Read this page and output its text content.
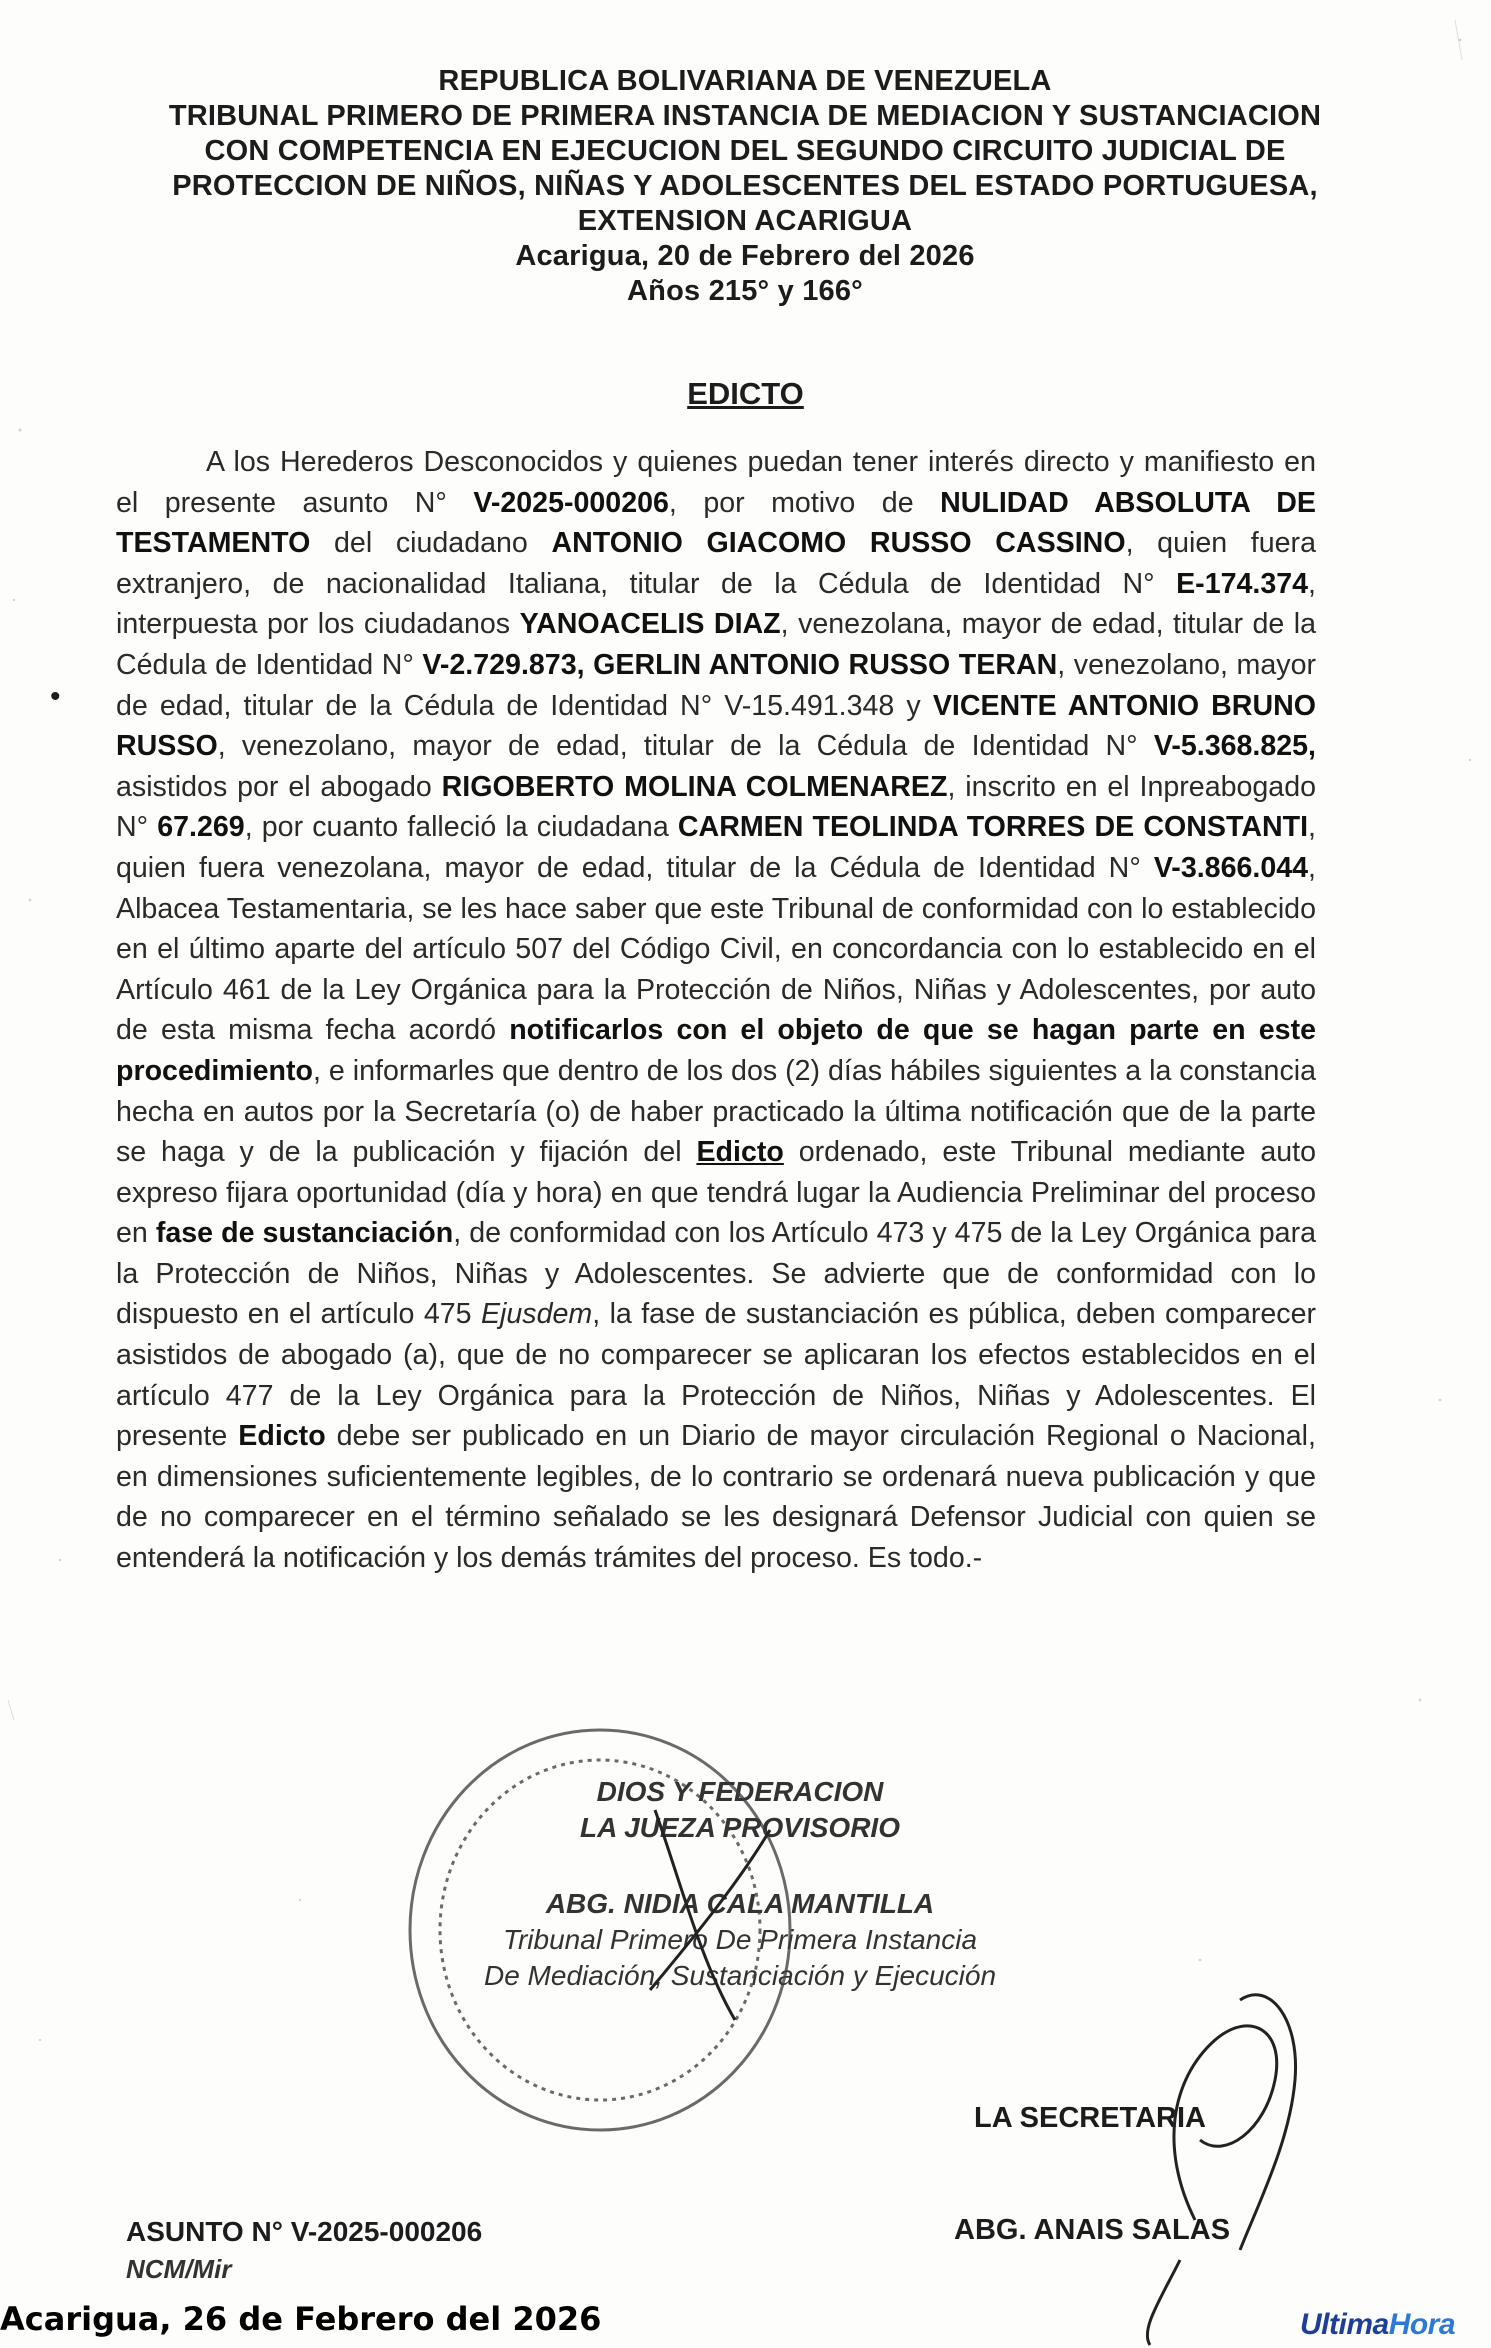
REPUBLICA BOLIVARIANA DE VENEZUELA
TRIBUNAL PRIMERO DE PRIMERA INSTANCIA DE MEDIACION Y SUSTANCIACION
CON COMPETENCIA EN EJECUCION DEL SEGUNDO CIRCUITO JUDICIAL DE
PROTECCION DE NIÑOS, NIÑAS Y ADOLESCENTES DEL ESTADO PORTUGUESA,
EXTENSION ACARIGUA
Acarigua, 20 de Febrero del 2026
Años 215° y 166°
EDICTO
•
A los Herederos Desconocidos y quienes puedan tener interés directo y manifiesto en el presente asunto N° V-2025-000206, por motivo de NULIDAD ABSOLUTA DE TESTAMENTO del ciudadano ANTONIO GIACOMO RUSSO CASSINO, quien fuera extranjero, de nacionalidad Italiana, titular de la Cédula de Identidad N° E-174.374, interpuesta por los ciudadanos YANOACELIS DIAZ, venezolana, mayor de edad, titular de la Cédula de Identidad N° V-2.729.873, GERLIN ANTONIO RUSSO TERAN, venezolano, mayor de edad, titular de la Cédula de Identidad N° V-15.491.348 y VICENTE ANTONIO BRUNO RUSSO, venezolano, mayor de edad, titular de la Cédula de Identidad N° V-5.368.825, asistidos por el abogado RIGOBERTO MOLINA COLMENAREZ, inscrito en el Inpreabogado N° 67.269, por cuanto falleció la ciudadana CARMEN TEOLINDA TORRES DE CONSTANTI, quien fuera venezolana, mayor de edad, titular de la Cédula de Identidad N° V-3.866.044, Albacea Testamentaria, se les hace saber que este Tribunal de conformidad con lo establecido en el último aparte del artículo 507 del Código Civil, en concordancia con lo establecido en el Artículo 461 de la Ley Orgánica para la Protección de Niños, Niñas y Adolescentes, por auto de esta misma fecha acordó notificarlos con el objeto de que se hagan parte en este procedimiento, e informarles que dentro de los dos (2) días hábiles siguientes a la constancia hecha en autos por la Secretaría (o) de haber practicado la última notificación que de la parte se haga y de la publicación y fijación del Edicto ordenado, este Tribunal mediante auto expreso fijara oportunidad (día y hora) en que tendrá lugar la Audiencia Preliminar del proceso en fase de sustanciación, de conformidad con los Artículo 473 y 475 de la Ley Orgánica para la Protección de Niños, Niñas y Adolescentes. Se advierte que de conformidad con lo dispuesto en el artículo 475 Ejusdem, la fase de sustanciación es pública, deben comparecer asistidos de abogado (a), que de no comparecer se aplicaran los efectos establecidos en el artículo 477 de la Ley Orgánica para la Protección de Niños, Niñas y Adolescentes. El presente Edicto debe ser publicado en un Diario de mayor circulación Regional o Nacional, en dimensiones suficientemente legibles, de lo contrario se ordenará nueva publicación y que de no comparecer en el término señalado se les designará Defensor Judicial con quien se entenderá la notificación y los demás trámites del proceso. Es todo.-
DIOS Y FEDERACION
LA JUEZA PROVISORIO
ABG. NIDIA CALA MANTILLA
Tribunal Primero De Primera Instancia
De Mediación, Sustanciación y Ejecución
LA SECRETARIA
ABG. ANAIS SALAS
ASUNTO N° V-2025-000206
NCM/Mir
Acarigua, 26 de Febrero del 2026	UltimaHora
